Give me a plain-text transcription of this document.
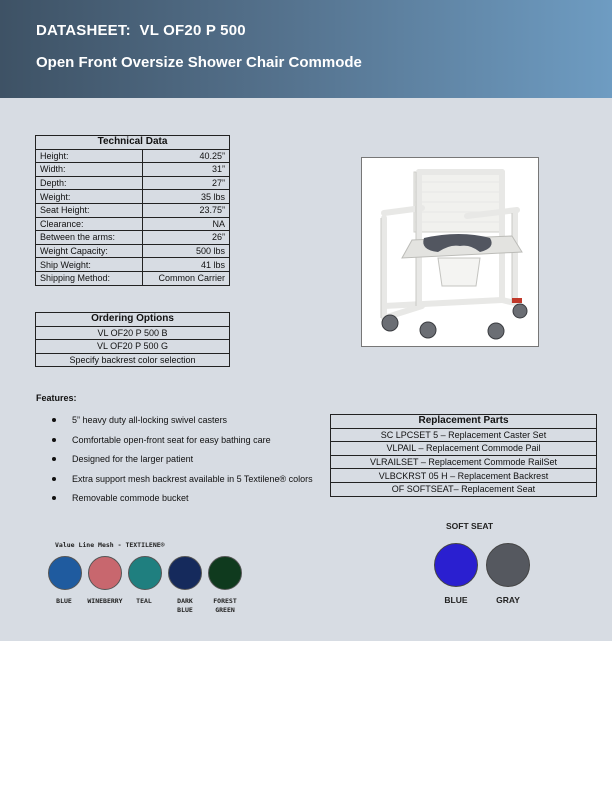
DATASHEET:  VL OF20 P 500
Open Front Oversize Shower Chair Commode
Technical Data	
Height:	40.25”
Width:	31”
Depth:	27”
Weight:	35 lbs
Seat Height:	23.75”
Clearance:	NA
Between the arms:	26”
Weight Capacity:	500 lbs
Ship Weight:	41 lbs
Shipping Method:	Common Carrier
Ordering Options
VL OF20 P 500 B
VL OF20 P 500 G
Specify backrest color selection
Features:
5” heavy duty all-locking swivel casters
Comfortable open-front seat for easy bathing care
Designed for the larger patient
Extra support mesh backrest available in 5 Textilene® colors
Removable commode bucket
Replacement Parts
SC LPCSET 5 – Replacement Caster Set
VLPAIL – Replacement Commode Pail
VLRAILSET – Replacement Commode RailSet
VLBCKRST 05 H – Replacement Backrest
OF SOFTSEAT– Replacement Seat
Value Line Mesh - TEXTILENE®
BLUE	WINEBERRY	TEAL	DARK
BLUE
FOREST
GREEN
SOFT SEAT
BLUE	GRAY
